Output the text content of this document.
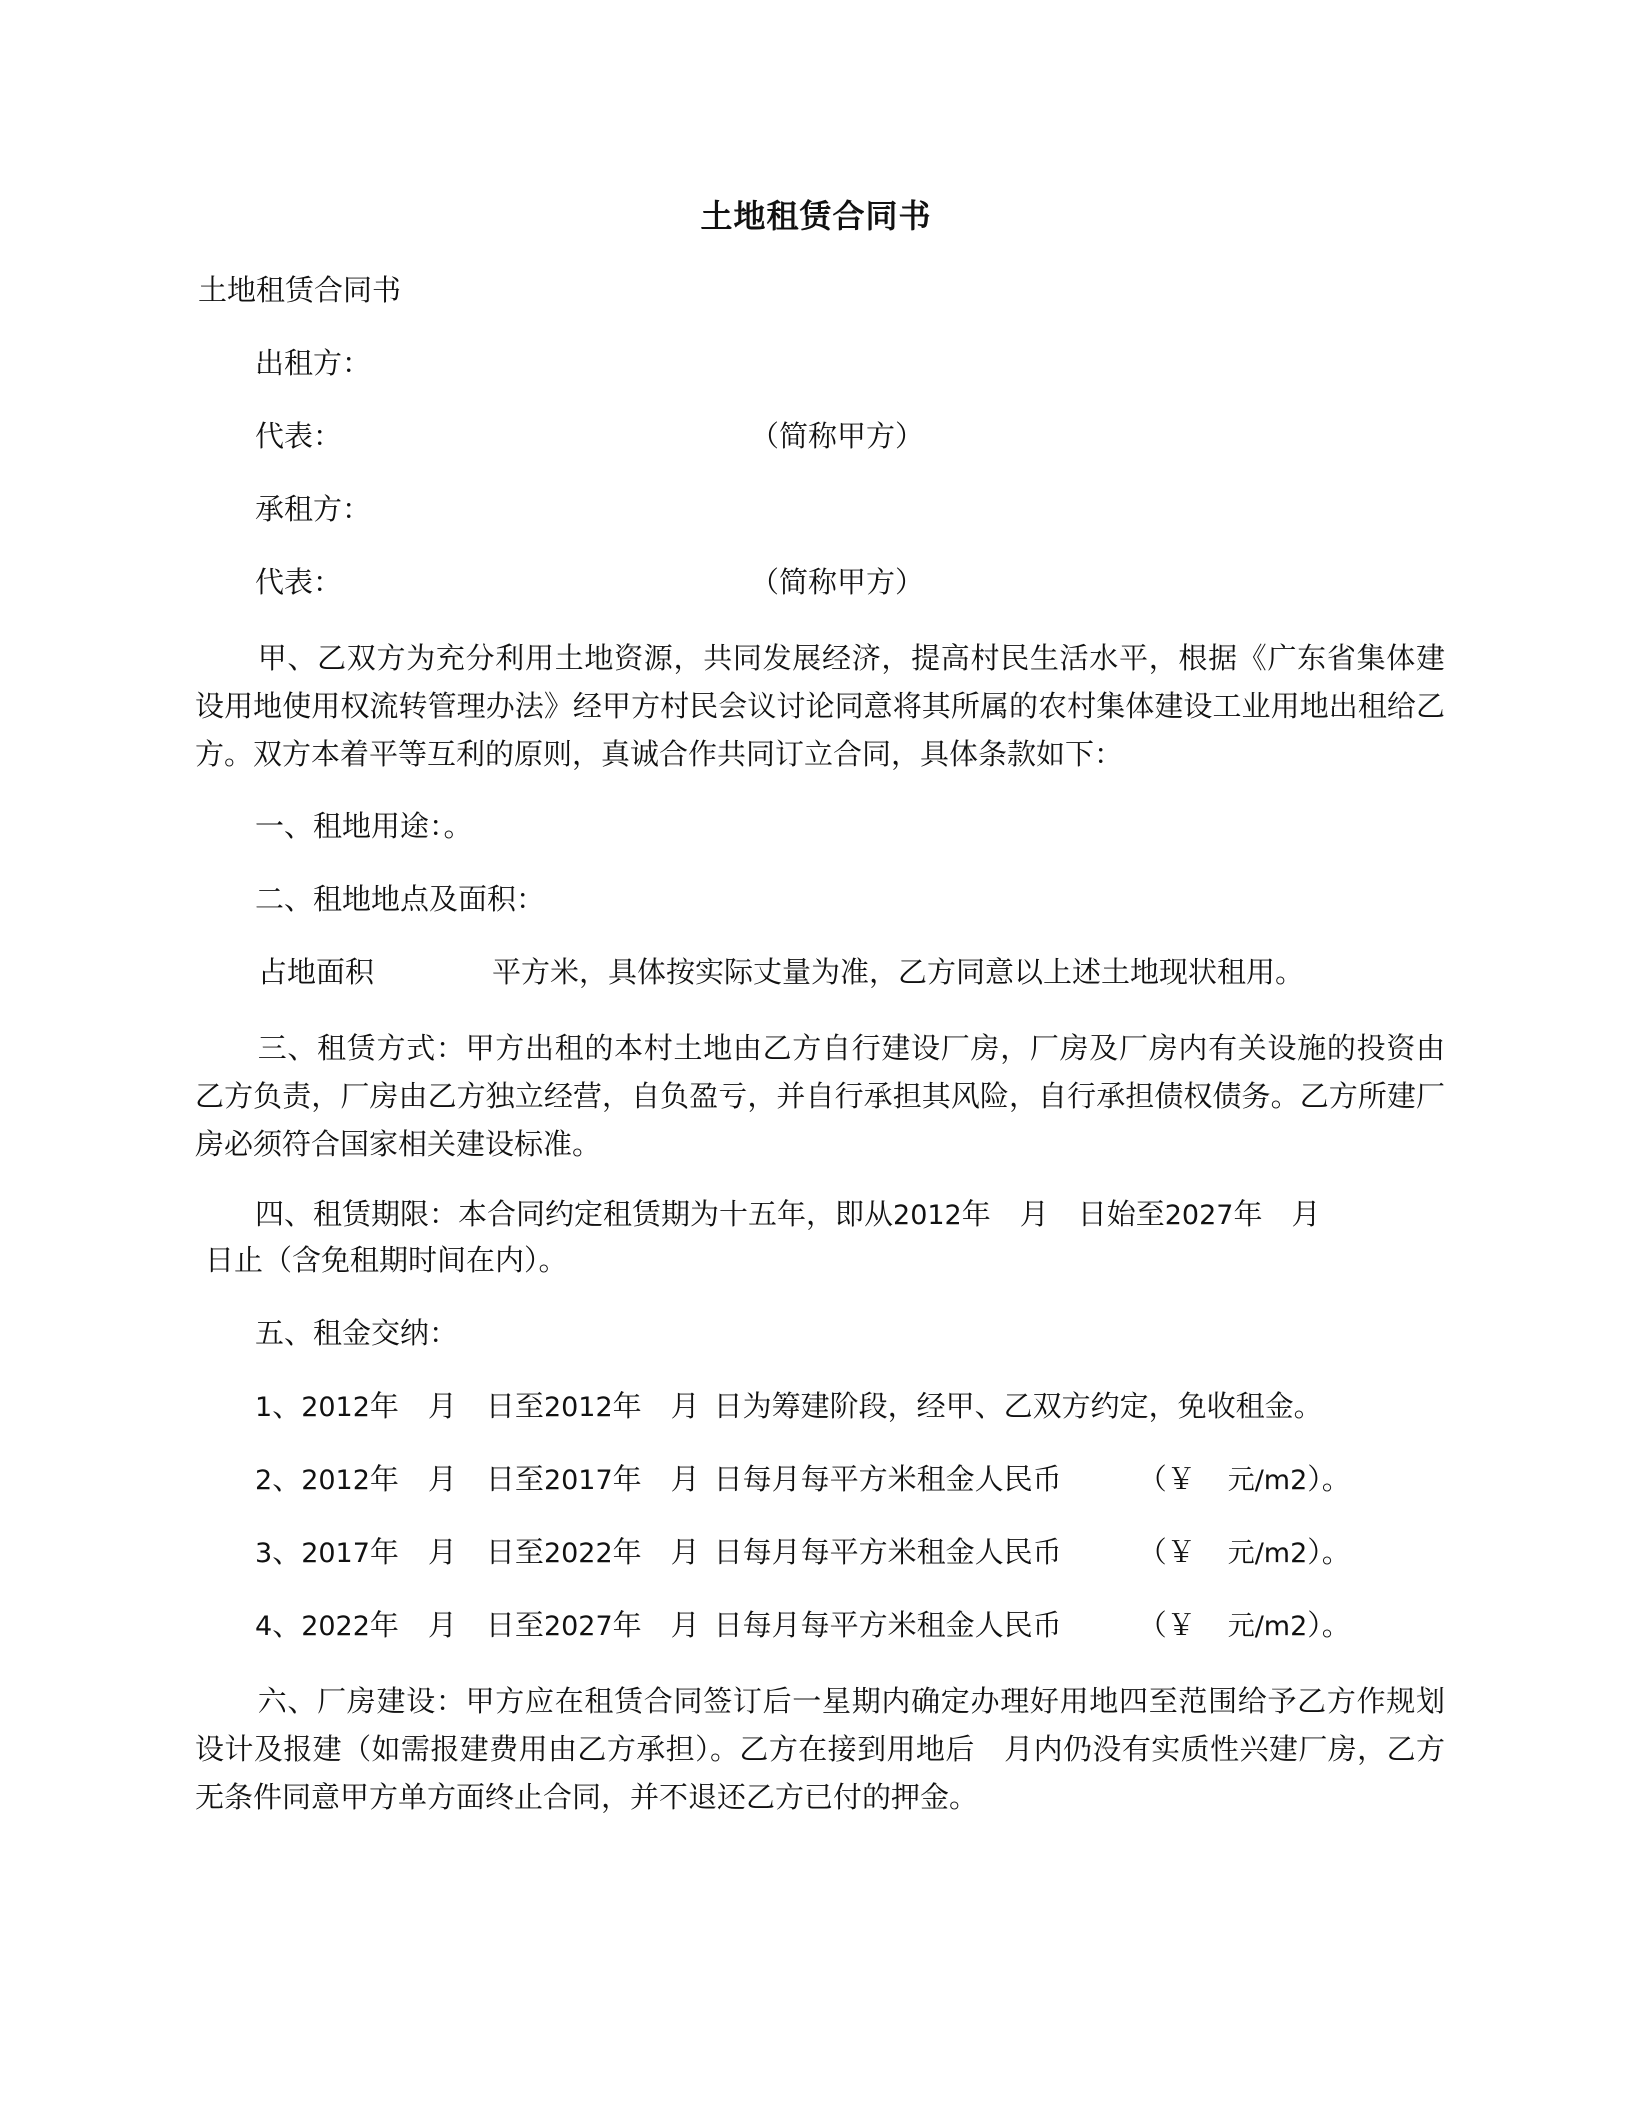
土地租赁合同书
土地租赁合同书
出租方：
代表：	（简称甲方）
承租方：
代表：	（简称甲方）
甲、乙双方为充分利用土地资源，共同发展经济，提高村民生活水平，根据《广东省集体建设用地使用权流转管理办法》经甲方村民会议讨论同意将其所属的农村集体建设工业用地出租给乙方。双方本着平等互利的原则，真诚合作共同订立合同，具体条款如下：
一、租地用途：。
二、租地地点及面积：
占地面积	平方米，具体按实际丈量为准，乙方同意以上述土地现状租用。
三、租赁方式：甲方出租的本村土地由乙方自行建设厂房，厂房及厂房内有关设施的投资由乙方负责，厂房由乙方独立经营，自负盈亏，并自行承担其风险，自行承担债权债务。乙方所建厂房必须符合国家相关建设标准。
四、租赁期限：本合同约定租赁期为十五年，即从2012年　月　日始至2027年　月
日止（含免租期时间在内）。
五、租金交纳：
1、2012年　月　日至2012年　月 日为筹建阶段，经甲、乙双方约定，免收租金。
2、2012年　月　日至2017年　月 日每月每平方米租金人民币	（￥ 元/m2）。
3、2017年　月　日至2022年　月 日每月每平方米租金人民币	（￥ 元/m2）。
4、2022年　月　日至2027年　月 日每月每平方米租金人民币	（￥ 元/m2）。
六、厂房建设：甲方应在租赁合同签订后一星期内确定办理好用地四至范围给予乙方作规划设计及报建（如需报建费用由乙方承担）。乙方在接到用地后　月内仍没有实质性兴建厂房，乙方无条件同意甲方单方面终止合同，并不退还乙方已付的押金。
